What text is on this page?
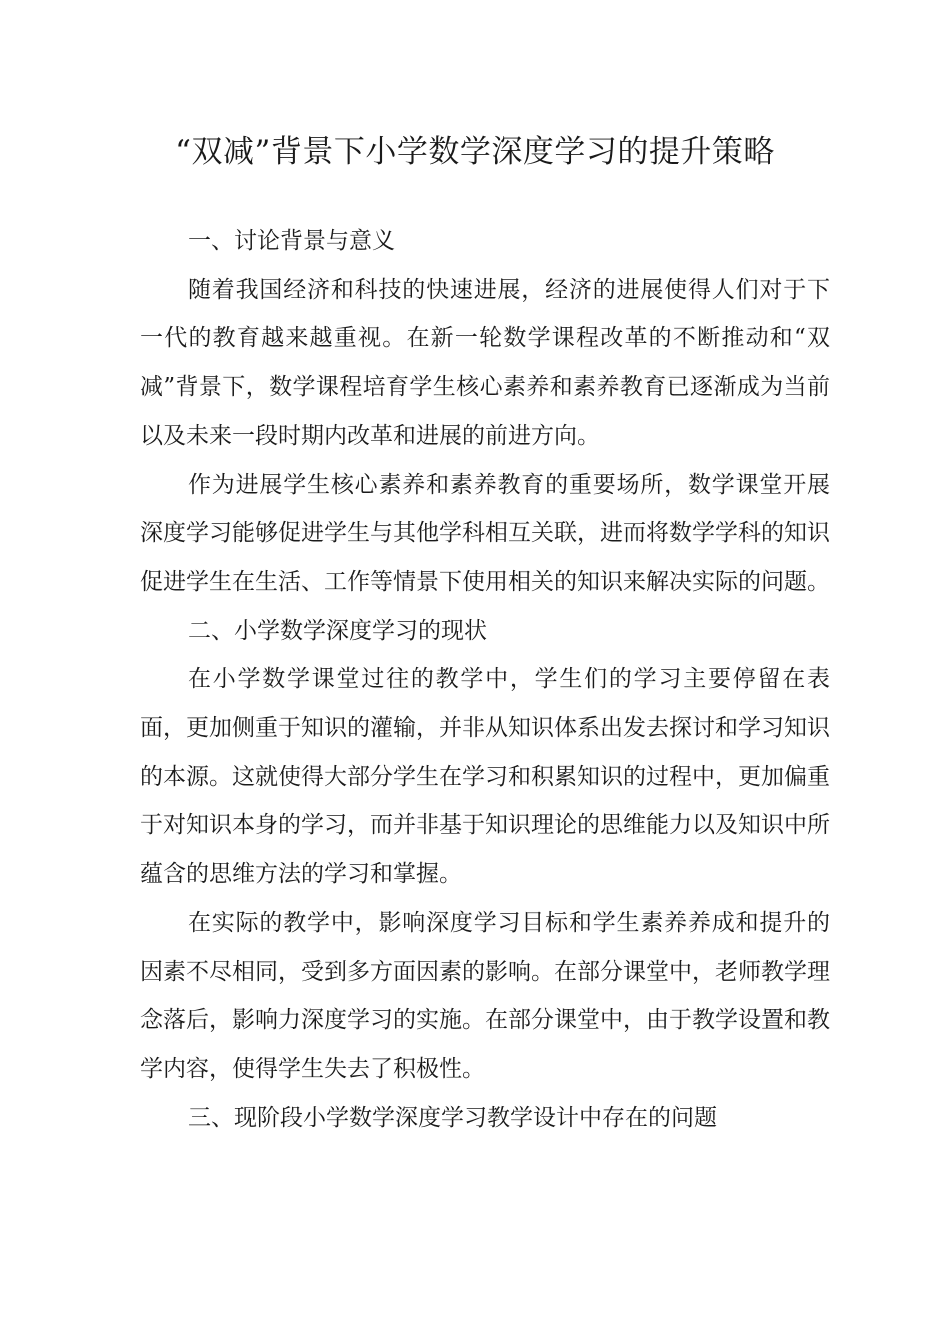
“双减”背景下小学数学深度学习的提升策略

一、讨论背景与意义

随着我国经济和科技的快速进展，经济的进展使得人们对于下一代的教育越来越重视。在新一轮数学课程改革的不断推动和“双减”背景下，数学课程培育学生核心素养和素养教育已逐渐成为当前以及未来一段时期内改革和进展的前进方向。

作为进展学生核心素养和素养教育的重要场所，数学课堂开展深度学习能够促进学生与其他学科相互关联，进而将数学学科的知识促进学生在生活、工作等情景下使用相关的知识来解决实际的问题。

二、小学数学深度学习的现状

在小学数学课堂过往的教学中，学生们的学习主要停留在表面，更加侧重于知识的灌输，并非从知识体系出发去探讨和学习知识的本源。这就使得大部分学生在学习和积累知识的过程中，更加偏重于对知识本身的学习，而并非基于知识理论的思维能力以及知识中所蕴含的思维方法的学习和掌握。

在实际的教学中，影响深度学习目标和学生素养养成和提升的因素不尽相同，受到多方面因素的影响。在部分课堂中，老师教学理念落后，影响力深度学习的实施。在部分课堂中，由于教学设置和教学内容，使得学生失去了积极性。

三、现阶段小学数学深度学习教学设计中存在的问题
